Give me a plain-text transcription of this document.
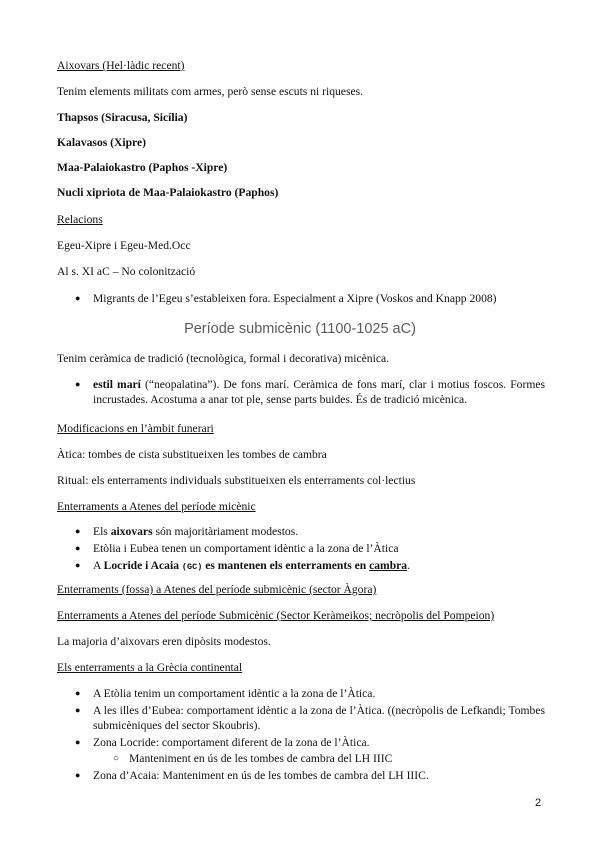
Aixovars (Hel·làdic recent)
Tenim elements militats com armes, però sense escuts ni riqueses.
Thapsos (Siracusa, Sicília)
Kalavasos (Xipre)
Maa-Palaiokastro (Paphos -Xipre)
Nucli xipriota de Maa-Palaiokastro (Paphos)
Relacions
Egeu-Xipre i Egeu-Med.Occ
Al s. XI aC – No colonització
●	Migrants de l’Egeu s’estableixen fora. Especialment a Xipre (Voskos and Knapp 2008)
Període submicènic (1100-1025 aC)
Tenim ceràmica de tradició (tecnològica, formal i decorativa) micènica.
●	estil marí (“neopalatina”). De fons marí. Ceràmica de fons marí, clar i motius foscos. Formes incrustades. Acostuma a anar tot ple, sense parts buides. És de tradició micènica.
Modificacions en l’àmbit funerari
Àtica: tombes de cista substitueixen les tombes de cambra
Ritual: els enterraments individuals substitueixen els enterraments col·lectius
Enterraments a Atenes del període micènic
●	Els aixovars són majoritàriament modestos.
●	Etòlia i Eubea tenen un comportament idèntic a la zona de l’Àtica
●	A Locride i Acaia (GC) es mantenen els enterraments en cambra.
Enterraments (fossa) a Atenes del període submicènic (sector Àgora)
Enterraments a Atenes del període Submicènic (Sector Keràmeikos; necròpolis del Pompeion)
La majoria d’aixovars eren dipòsits modestos.
Els enterraments a la Grècia continental
●	A Etòlia tenim un comportament idèntic a la zona de l’Àtica.
●	A les illes d’Eubea: comportament idèntic a la zona de l’Àtica. ((necròpolis de Lefkandi; Tombes submicèniques del sector Skoubris).
●	Zona Locride: comportament diferent de la zona de l’Àtica.
○ Manteniment en ús de les tombes de cambra del LH IIIC
●	Zona d’Acaia: Manteniment en ús de les tombes de cambra del LH IIIC.
2
